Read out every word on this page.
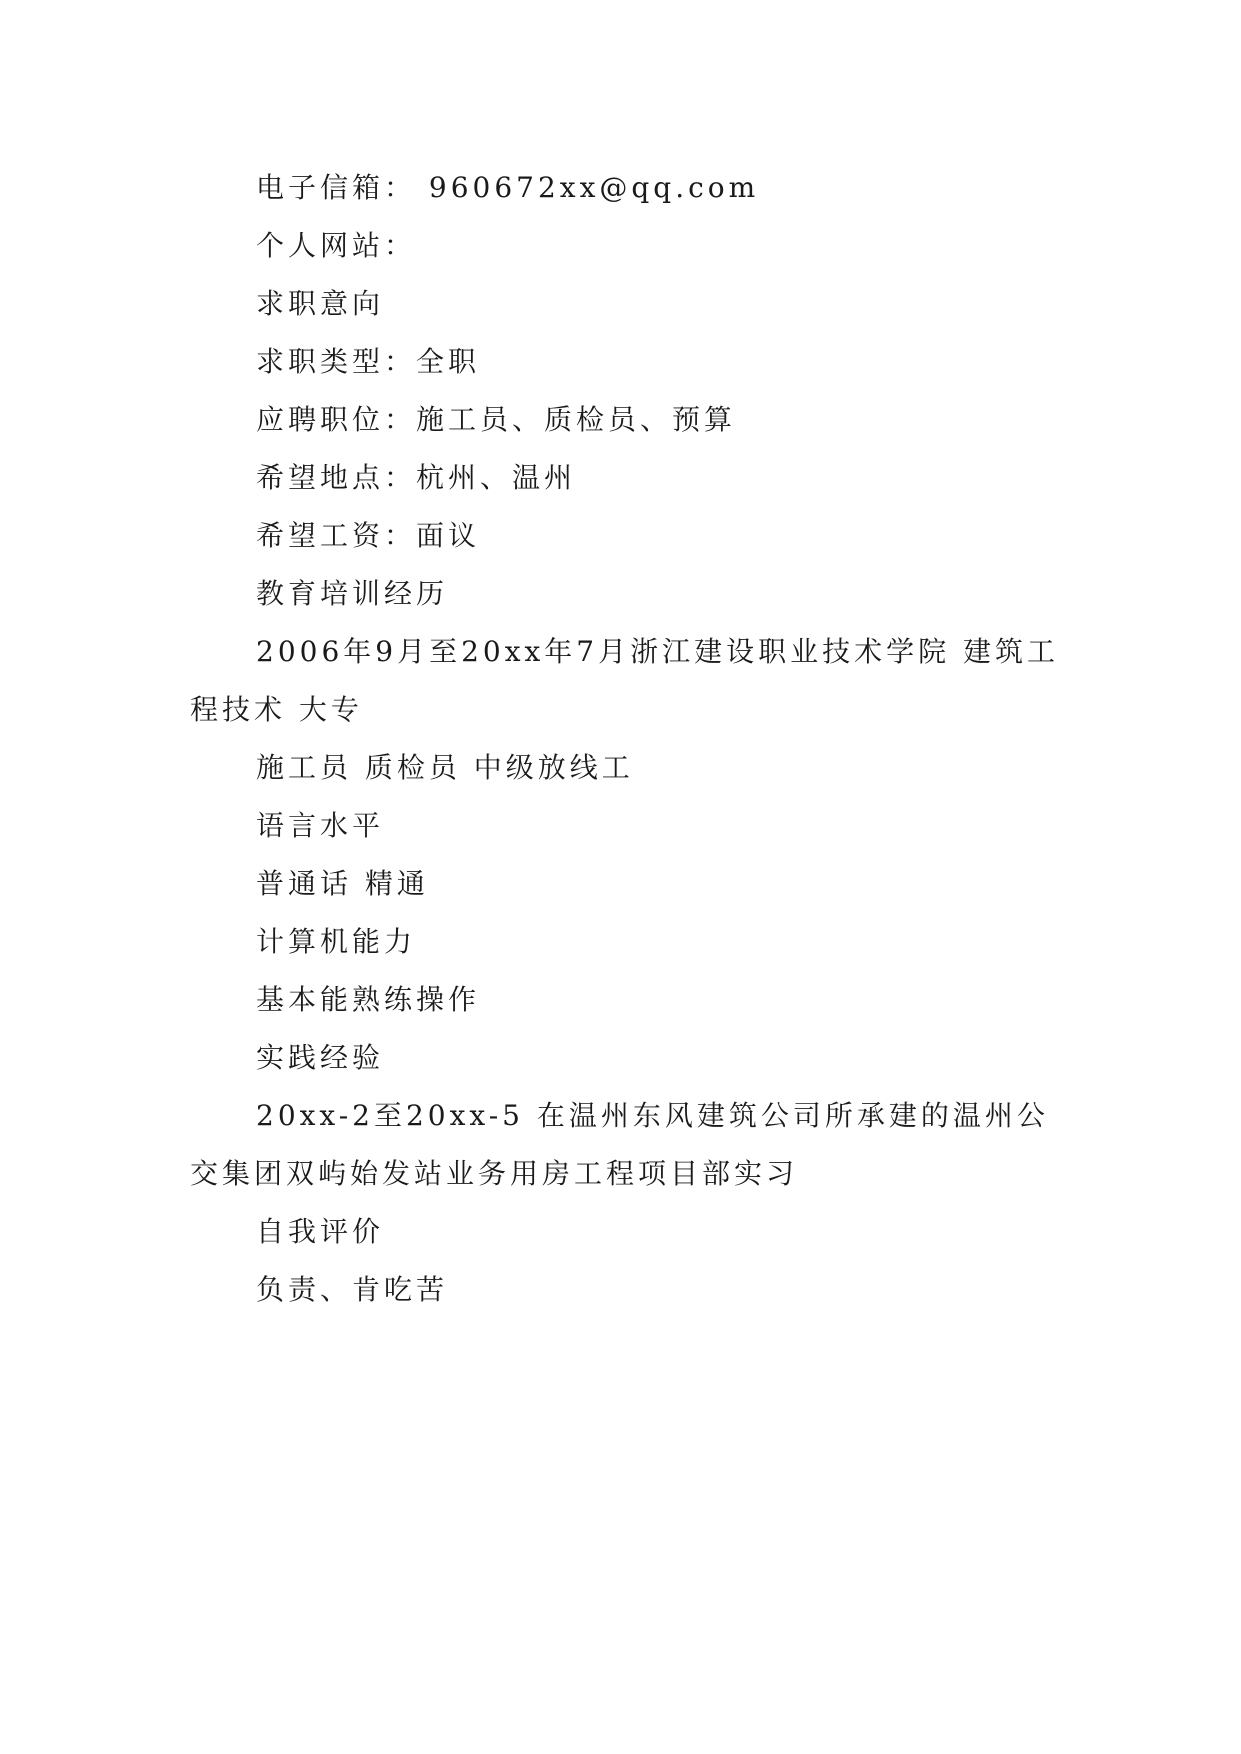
电子信箱： 960672xx@qq.com

个人网站：

求职意向

求职类型：全职

应聘职位：施工员、质检员、预算

希望地点：杭州、温州

希望工资：面议

教育培训经历

2006年9月至20xx年7月浙江建设职业技术学院 建筑工程技术 大专

施工员 质检员 中级放线工

语言水平

普通话 精通

计算机能力

基本能熟练操作

实践经验

20xx-2至20xx-5 在温州东风建筑公司所承建的温州公交集团双屿始发站业务用房工程项目部实习

自我评价

负责、肯吃苦
